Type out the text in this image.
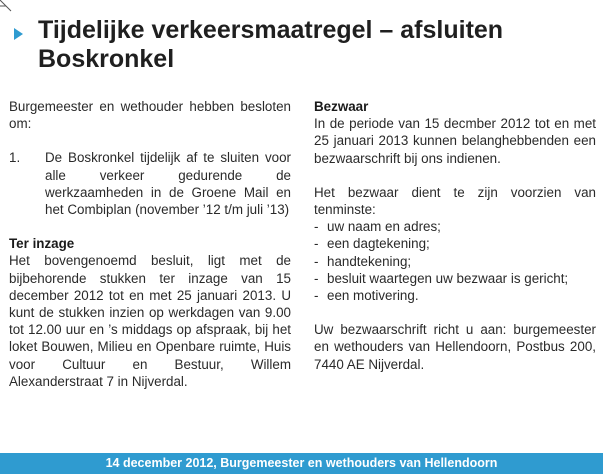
Tijdelijke verkeersmaatregel – afsluiten Boskronkel

Burgemeester en wethouder hebben besloten om:

1.	De Boskronkel tijdelijk af te sluiten voor alle verkeer gedurende de werkzaamheden in de Groene Mail en het Combiplan (november ’12 t/m juli ’13)

Ter inzage

Het bovengenoemd besluit, ligt met de bijbehorende stukken ter inzage van 15 december 2012 tot en met 25 januari 2013. U kunt de stukken inzien op werkdagen van 9.00 tot 12.00 uur en ’s middags op afspraak, bij het loket Bouwen, Milieu en Openbare ruimte, Huis voor Cultuur en Bestuur, Willem Alexanderstraat 7 in Nijverdal.

Bezwaar

In de periode van 15 decmber 2012 tot en met 25 januari 2013 kunnen belanghebbenden een bezwaarschrift bij ons indienen.

Het bezwaar dient te zijn voorzien van tenminste:

- uw naam en adres;
- een dagtekening;
- handtekening;
- besluit waartegen uw bezwaar is gericht;
- een motivering.

Uw bezwaarschrift richt u aan: burgemeester en wethouders van Hellendoorn, Postbus 200, 7440 AE Nijverdal.

14 december 2012, Burgemeester en wethouders van Hellendoorn
